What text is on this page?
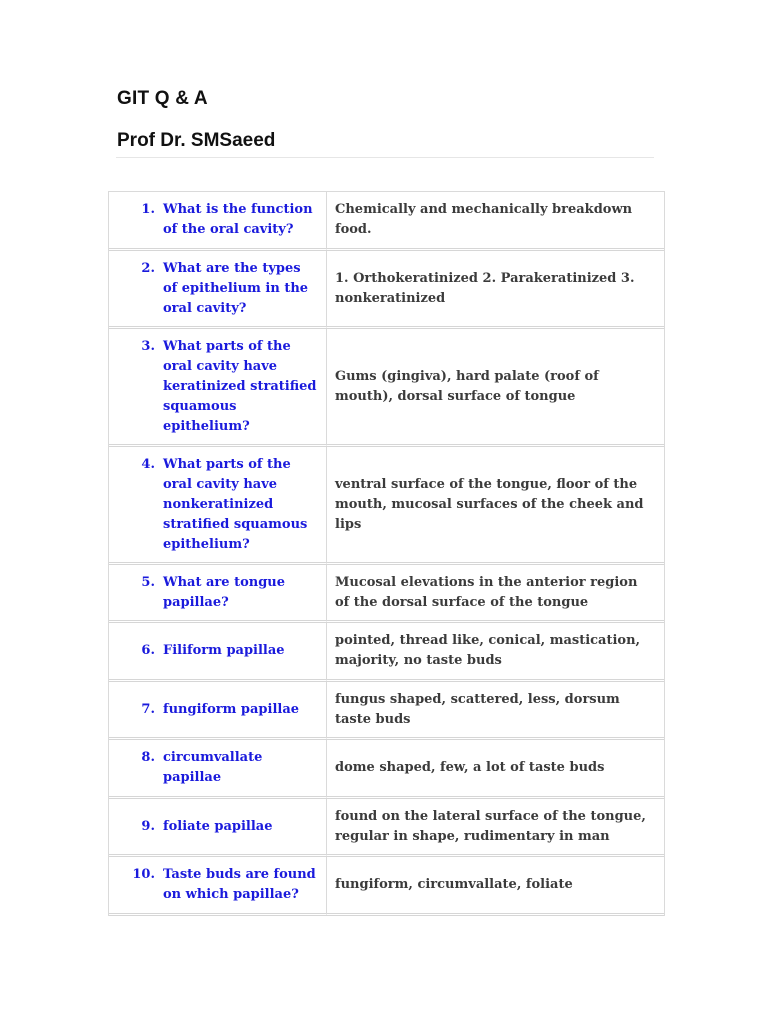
GIT Q & A
Prof Dr. SMSaeed
1. What is the function of the oral cavity?	Chemically and mechanically breakdown food.

2. What are the types of epithelium in the oral cavity?	1. Orthokeratinized 2. Parakeratinized 3. nonkeratinized

3. What parts of the oral cavity have keratinized stratified squamous epithelium?	Gums (gingiva), hard palate (roof of mouth), dorsal surface of tongue

4. What parts of the oral cavity have nonkeratinized stratified squamous epithelium?	ventral surface of the tongue, floor of the mouth, mucosal surfaces of the cheek and lips

5. What are tongue papillae?	Mucosal elevations in the anterior region of the dorsal surface of the tongue

6. Filiform papillae	pointed, thread like, conical, mastication, majority, no taste buds

7. fungiform papillae	fungus shaped, scattered, less, dorsum taste buds

8. circumvallate papillae	dome shaped, few, a lot of taste buds

9. foliate papillae	found on the lateral surface of the tongue, regular in shape, rudimentary in man

10. Taste buds are found on which papillae?	fungiform, circumvallate, foliate
